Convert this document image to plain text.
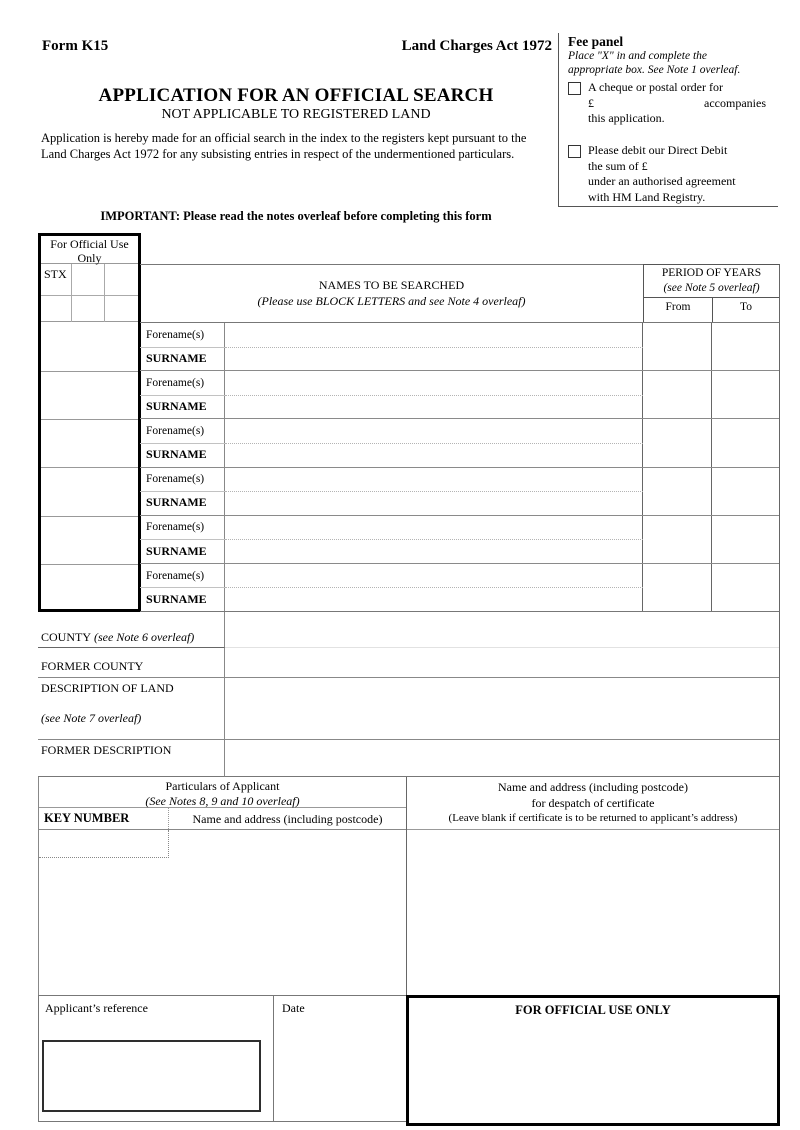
Form K15	Land Charges Act 1972
APPLICATION FOR AN OFFICIAL SEARCH
NOT APPLICABLE TO REGISTERED LAND
Application is hereby made for an official search in the index to the registers kept pursuant to the Land Charges Act 1972 for any subsisting entries in respect of the undermentioned particulars.
IMPORTANT: Please read the notes overleaf before completing this form
Fee panel
Place "X" in and complete the appropriate box. See Note 1 overleaf.
A cheque or postal order for
£	accompanies
this application.
Please debit our Direct Debit
the sum of £
under an authorised agreement
with HM Land Registry.
For Official Use Only
STX
NAMES TO BE SEARCHED
(Please use BLOCK LETTERS and see Note 4 overleaf)
PERIOD OF YEARS
(see Note 5 overleaf)
From	To
Forename(s)
SURNAME
Forename(s)
SURNAME
Forename(s)
SURNAME
Forename(s)
SURNAME
Forename(s)
SURNAME
Forename(s)
SURNAME
COUNTY (see Note 6 overleaf)
FORMER COUNTY
DESCRIPTION OF LAND
(see Note 7 overleaf)
FORMER DESCRIPTION
Particulars of Applicant
(See Notes 8, 9 and 10 overleaf)
KEY NUMBER	Name and address (including postcode)
Name and address (including postcode)
for despatch of certificate
(Leave blank if certificate is to be returned to applicant’s address)
Applicant’s reference	Date	FOR OFFICIAL USE ONLY
